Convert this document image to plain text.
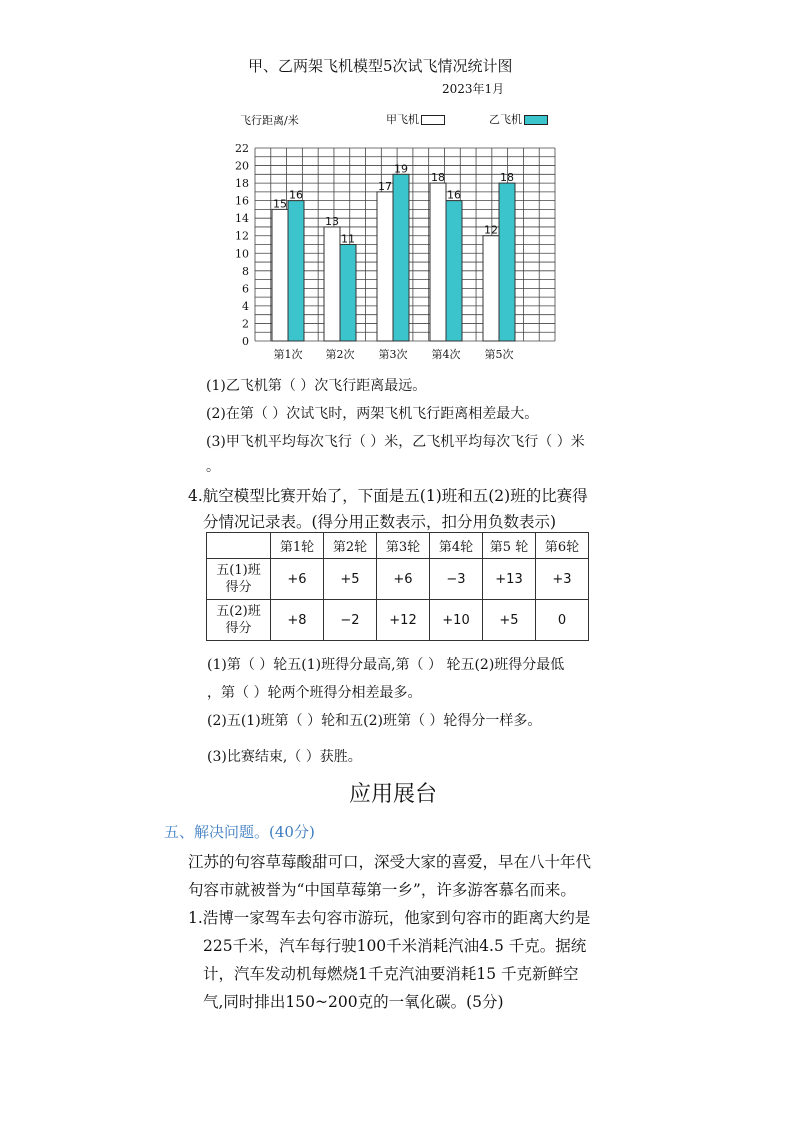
甲、乙两架飞机模型5次试飞情况统计图
2023年1月
飞行距离/米	甲飞机	乙飞机
0
2
4
6
8
10
12
14
16
18
20
22
15
16
第1次
13
11
第2次
17
19
第3次
18
16
第4次
12
18
第5次
(1)乙飞机第（ ）次飞行距离最远。
(2)在第（ ）次试飞时，两架飞机飞行距离相差最大。
(3)甲飞机平均每次飞行（ ）米，乙飞机平均每次飞行（ ）米
。
4.航空模型比赛开始了，下面是五(1)班和五(2)班的比赛得
分情况记录表。(得分用正数表示，扣分用负数表示)
	第1轮	第2轮	第3轮	第4轮	第5 轮	第6轮

五(1)班
得分	+6	+5	+6	−3	+13	+3

五(2)班
得分	+8	−2	+12	+10	+5	0
(1)第（ ）轮五(1)班得分最高,第（ ） 轮五(2)班得分最低
，第（ ）轮两个班得分相差最多。
(2)五(1)班第（ ）轮和五(2)班第（ ）轮得分一样多。
(3)比赛结束,（ ）获胜。
应用展台
五、解决问题。(40分)
江苏的句容草莓酸甜可口，深受大家的喜爱，早在八十年代
句容市就被誉为“中国草莓第一乡”，许多游客慕名而来。
1.浩博一家驾车去句容市游玩，他家到句容市的距离大约是
225千米，汽车每行驶100千米消耗汽油4.5 千克。据统
计，汽车发动机每燃烧1千克汽油要消耗15 千克新鲜空
气,同时排出150~200克的一氧化碳。(5分)
